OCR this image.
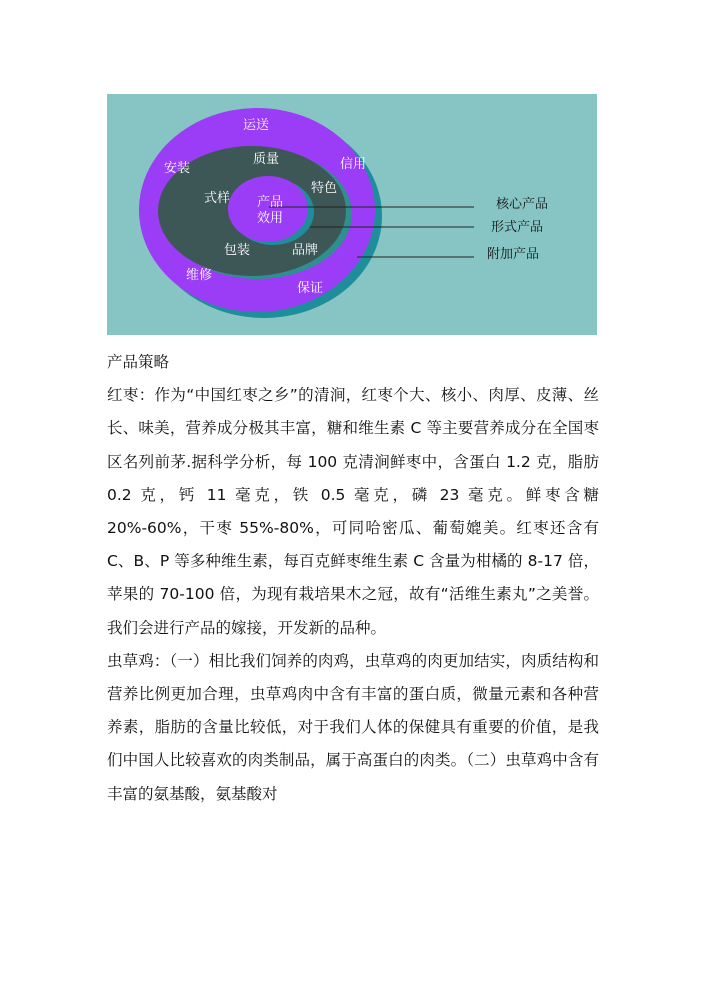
运送
信用
安装
维修
保证
质量
式样
特色
包装	品牌
产品
效用
核心产品
形式产品
附加产品

产品策略

红枣：作为“中国红枣之乡”的清涧，红枣个大、核小、肉厚、皮薄、丝长、味美，营养成分极其丰富，糖和维生素 C 等主要营养成分在全国枣区名列前茅.据科学分析，每 100 克清涧鲜枣中，含蛋白 1.2 克，脂肪 0.2 克，钙 11 毫克，铁 0.5 毫克，磷 23 毫克。鲜枣含糖 20%-60%，干枣 55%-80%，可同哈密瓜、葡萄媲美。红枣还含有 C、B、P 等多种维生素，每百克鲜枣维生素 C 含量为柑橘的 8-17 倍，苹果的 70-100 倍，为现有栽培果木之冠，故有“活维生素丸”之美誉。我们会进行产品的嫁接，开发新的品种。

虫草鸡：（一）相比我们饲养的肉鸡，虫草鸡的肉更加结实，肉质结构和营养比例更加合理，虫草鸡肉中含有丰富的蛋白质，微量元素和各种营养素，脂肪的含量比较低，对于我们人体的保健具有重要的价值，是我们中国人比较喜欢的肉类制品，属于高蛋白的肉类。（二）虫草鸡中含有丰富的氨基酸，氨基酸对
